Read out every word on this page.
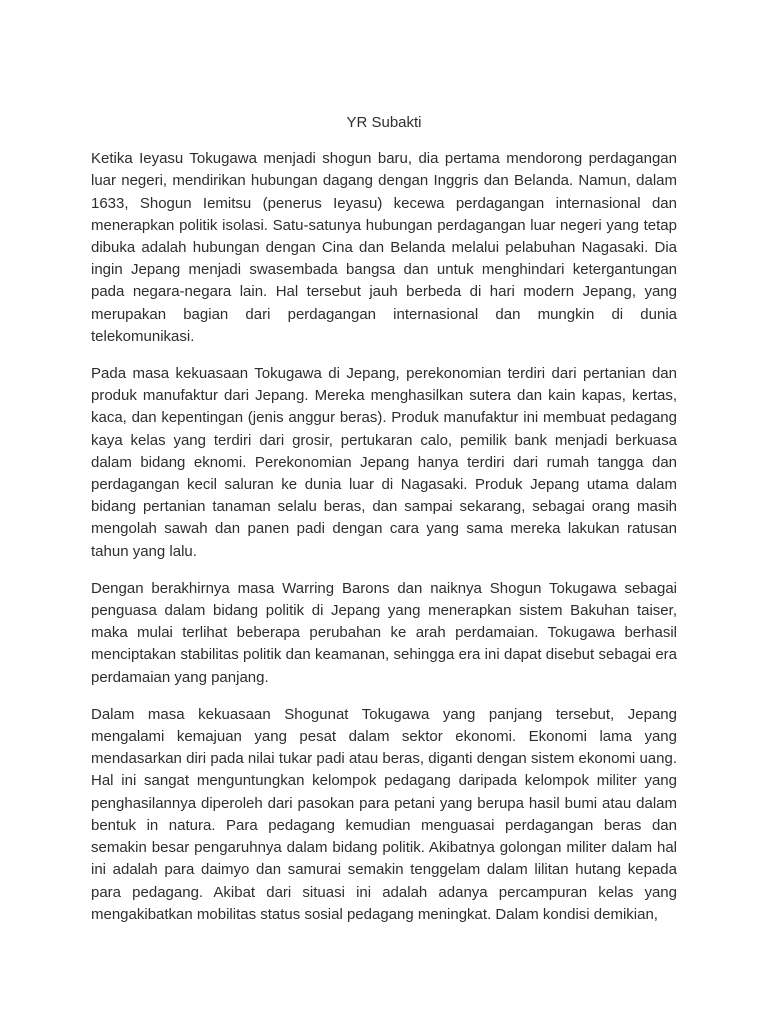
YR Subakti

Ketika Ieyasu Tokugawa menjadi shogun baru, dia pertama mendorong perdagangan luar negeri, mendirikan hubungan dagang dengan Inggris dan Belanda. Namun, dalam 1633, Shogun Iemitsu (penerus Ieyasu) kecewa perdagangan internasional dan menerapkan politik isolasi. Satu-satunya hubungan perdagangan luar negeri yang tetap dibuka adalah hubungan dengan Cina dan Belanda melalui pelabuhan Nagasaki. Dia ingin Jepang menjadi swasembada bangsa dan untuk menghindari ketergantungan pada negara-negara lain. Hal tersebut jauh berbeda di hari modern Jepang, yang merupakan bagian dari perdagangan internasional dan mungkin di dunia telekomunikasi.

Pada masa kekuasaan Tokugawa di Jepang, perekonomian terdiri dari pertanian dan produk manufaktur dari Jepang. Mereka menghasilkan sutera dan kain kapas, kertas, kaca, dan kepentingan (jenis anggur beras). Produk manufaktur ini membuat pedagang kaya kelas yang terdiri dari grosir, pertukaran calo, pemilik bank menjadi berkuasa dalam bidang eknomi. Perekonomian Jepang hanya terdiri dari rumah tangga dan perdagangan kecil saluran ke dunia luar di Nagasaki. Produk Jepang utama dalam bidang pertanian tanaman selalu beras, dan sampai sekarang, sebagai orang masih mengolah sawah dan panen padi dengan cara yang sama mereka lakukan ratusan tahun yang lalu.

Dengan berakhirnya masa Warring Barons dan naiknya Shogun Tokugawa sebagai penguasa dalam bidang politik di Jepang yang menerapkan sistem Bakuhan taiser, maka mulai terlihat beberapa perubahan ke arah perdamaian. Tokugawa berhasil menciptakan stabilitas politik dan keamanan, sehingga era ini dapat disebut sebagai era perdamaian yang panjang.

Dalam masa kekuasaan Shogunat Tokugawa yang panjang tersebut, Jepang mengalami kemajuan yang pesat dalam sektor ekonomi. Ekonomi lama yang mendasarkan diri pada nilai tukar padi atau beras, diganti dengan sistem ekonomi uang. Hal ini sangat menguntungkan kelompok pedagang daripada kelompok militer yang penghasilannya diperoleh dari pasokan para petani yang berupa hasil bumi atau dalam bentuk in natura. Para pedagang kemudian menguasai perdagangan beras dan semakin besar pengaruhnya dalam bidang politik. Akibatnya golongan militer dalam hal ini adalah para daimyo dan samurai semakin tenggelam dalam lilitan hutang kepada para pedagang. Akibat dari situasi ini adalah adanya percampuran kelas yang mengakibatkan mobilitas status sosial pedagang meningkat. Dalam kondisi demikian,
